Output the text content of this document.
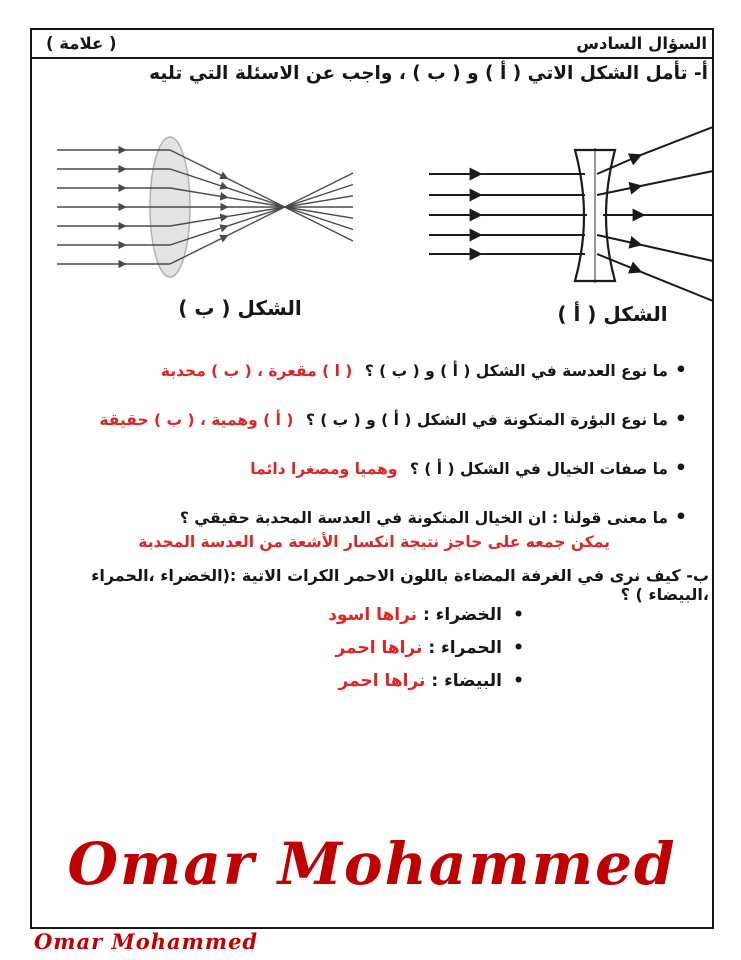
السؤال السادس
( علامة )
أ- تأمل الشكل الاتي ( أ ) و ( ب ) ، واجب عن الاسئلة التي تليه
الشكل ( ب )	الشكل ( أ )
• ما نوع العدسة في الشكل ( أ ) و ( ب ) ؟ ( ا ) مقعرة ، ( ب ) محدبة
• ما نوع البؤرة المتكونة في الشكل ( أ ) و ( ب ) ؟ ( أ ) وهمية ، ( ب ) حقيقة
• ما صفات الخيال في الشكل ( أ ) ؟ وهميا ومصغرا دائما
• ما معنى قولنا : ان الخيال المتكونة في العدسة المحدبة حقيقي ؟
يمكن جمعه على حاجز نتيجة انكسار الأشعة من العدسة المحدبة
ب- كيف نرى في الغرفة المضاءة باللون الاحمر الكرات الاتية :(الخضراء ،الحمراء ،البيضاء ) ؟
• الخضراء : نراها اسود
• الحمراء : نراها احمر
• البيضاء : نراها احمر
Omar Mohammed
Omar Mohammed
